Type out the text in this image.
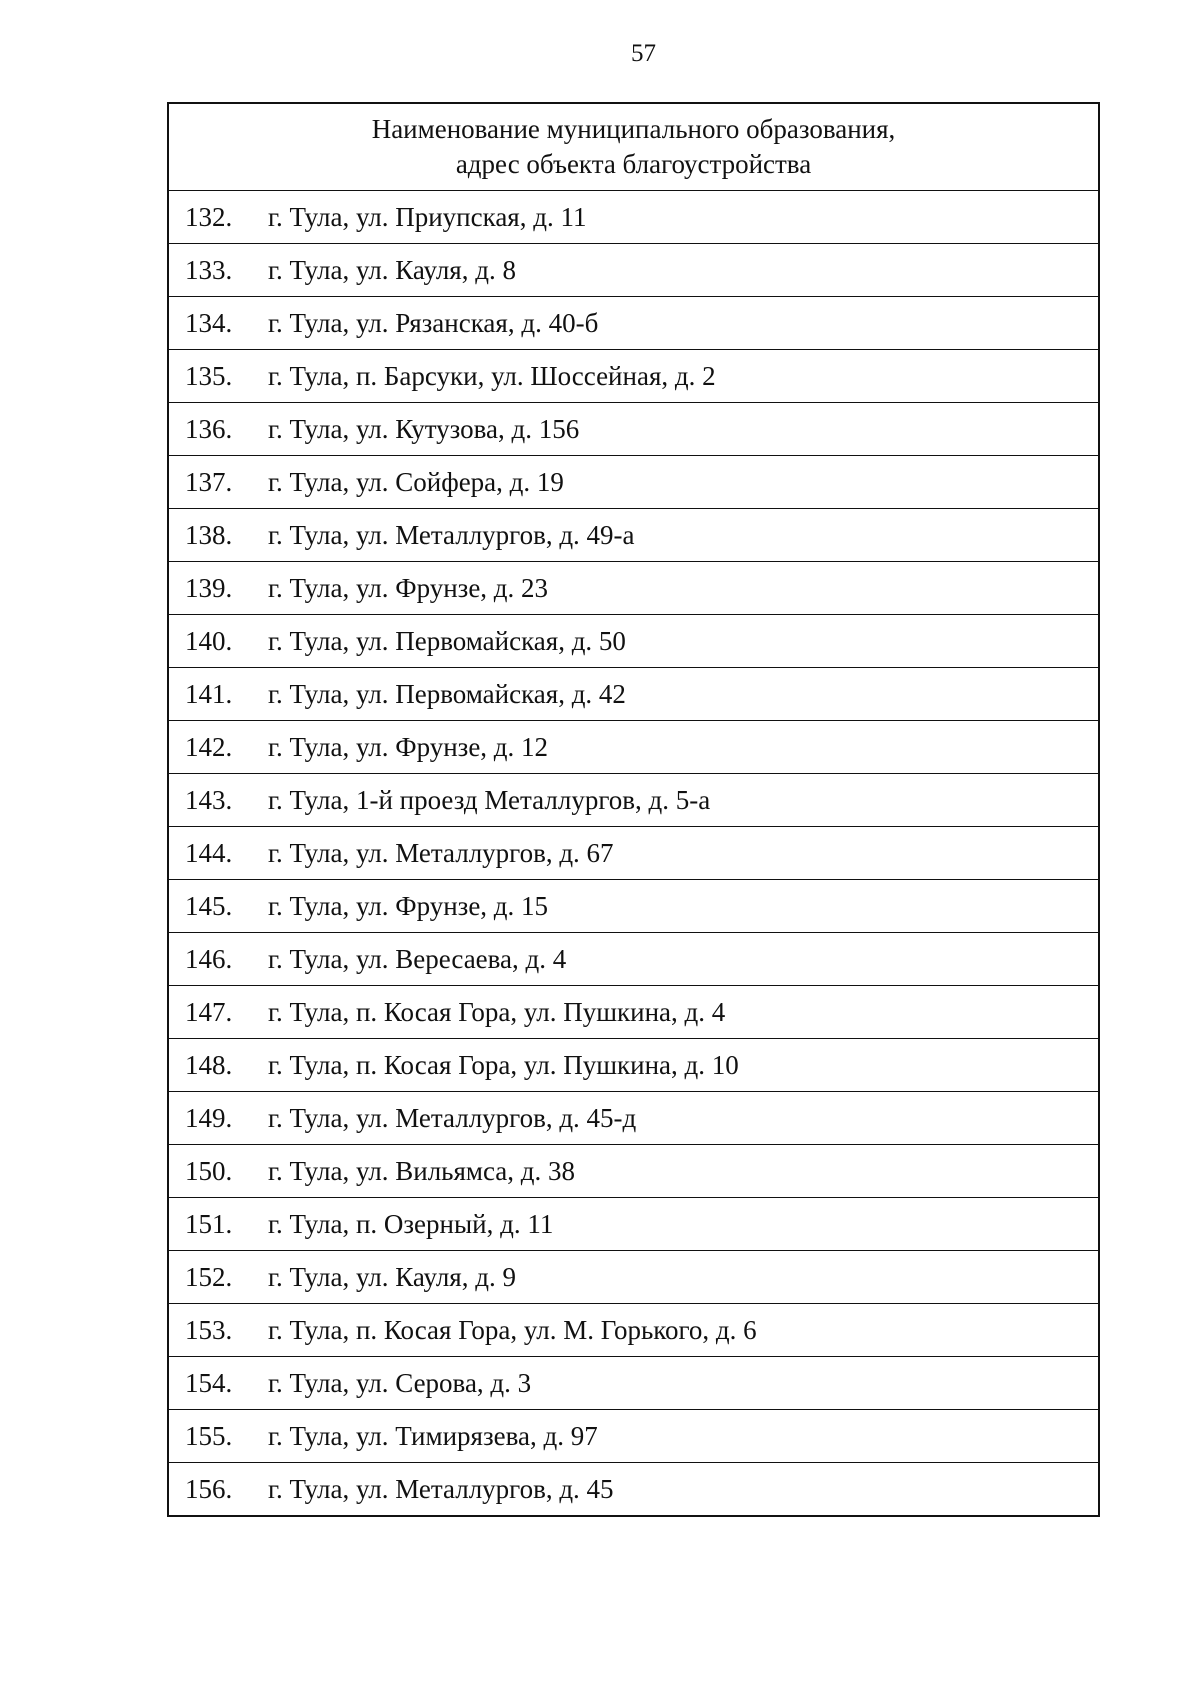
57
Наименование муниципального образования,
адрес объекта благоустройства

132. г. Тула, ул. Приупская, д. 11
133. г. Тула, ул. Кауля, д. 8
134. г. Тула, ул. Рязанская, д. 40-б
135. г. Тула, п. Барсуки, ул. Шоссейная, д. 2
136. г. Тула, ул. Кутузова, д. 156
137. г. Тула, ул. Сойфера, д. 19
138. г. Тула, ул. Металлургов, д. 49-а
139. г. Тула, ул. Фрунзе, д. 23
140. г. Тула, ул. Первомайская, д. 50
141. г. Тула, ул. Первомайская, д. 42
142. г. Тула, ул. Фрунзе, д. 12
143. г. Тула, 1-й проезд Металлургов, д. 5-а
144. г. Тула, ул. Металлургов, д. 67
145. г. Тула, ул. Фрунзе, д. 15
146. г. Тула, ул. Вересаева, д. 4
147. г. Тула, п. Косая Гора, ул. Пушкина, д. 4
148. г. Тула, п. Косая Гора, ул. Пушкина, д. 10
149. г. Тула, ул. Металлургов, д. 45-д
150. г. Тула, ул. Вильямса, д. 38
151. г. Тула, п. Озерный, д. 11
152. г. Тула, ул. Кауля, д. 9
153. г. Тула, п. Косая Гора, ул. М. Горького, д. 6
154. г. Тула, ул. Серова, д. 3
155. г. Тула, ул. Тимирязева, д. 97
156. г. Тула, ул. Металлургов, д. 45
